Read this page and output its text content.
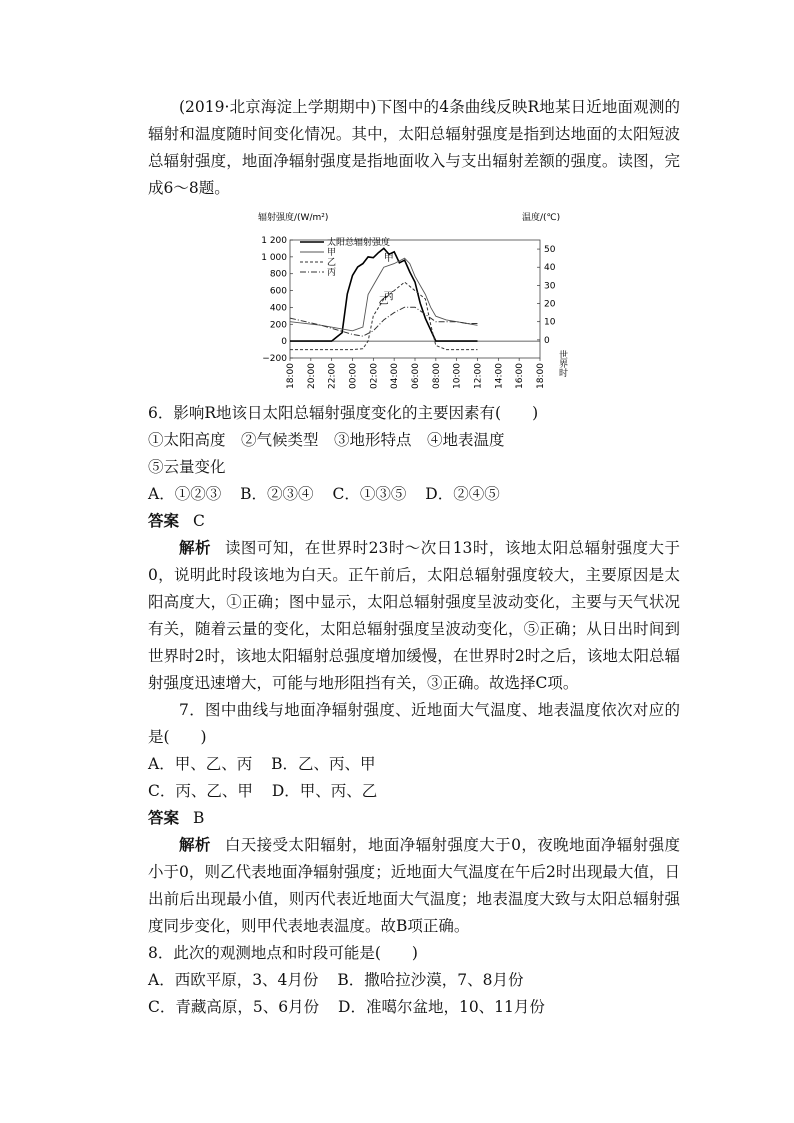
(2019·北京海淀上学期期中)下图中的4条曲线反映R地某日近地面观测的辐射和温度随时间变化情况。其中，太阳总辐射强度是指到达地面的太阳短波总辐射强度，地面净辐射强度是指地面收入与支出辐射差额的强度。读图，完成6～8题。
辐射强度/(W/m²)	温度/(℃)
1 200
1 000
800
600
400
200
0
−200
50
40
30
20
10
0
18:00 20:00 22:00 00:00 02:00 04:00 06:00 08:00 10:00 12:00 14:00 16:00 18:00 世界时
太阳总辐射强度
甲
乙
丙
甲
乙
丙
6．影响R地该日太阳总辐射强度变化的主要因素有(　　)
①太阳高度　②气候类型　③地形特点　④地表温度
⑤云量变化
A．①②③ B．②③④ C．①③⑤ D．②④⑤
答案 C
解析 读图可知，在世界时23时～次日13时，该地太阳总辐射强度大于0，说明此时段该地为白天。正午前后，太阳总辐射强度较大，主要原因是太阳高度大，①正确；图中显示，太阳总辐射强度呈波动变化，主要与天气状况有关，随着云量的变化，太阳总辐射强度呈波动变化，⑤正确；从日出时间到世界时2时，该地太阳辐射总强度增加缓慢，在世界时2时之后，该地太阳总辐射强度迅速增大，可能与地形阻挡有关，③正确。故选择C项。
7．图中曲线与地面净辐射强度、近地面大气温度、地表温度依次对应的是(　　)
A．甲、乙、丙 B．乙、丙、甲
C．丙、乙、甲 D．甲、丙、乙
答案 B
解析 白天接受太阳辐射，地面净辐射强度大于0，夜晚地面净辐射强度小于0，则乙代表地面净辐射强度；近地面大气温度在午后2时出现最大值，日出前后出现最小值，则丙代表近地面大气温度；地表温度大致与太阳总辐射强度同步变化，则甲代表地表温度。故B项正确。
8．此次的观测地点和时段可能是(　　)
A．西欧平原，3、4月份 B．撒哈拉沙漠，7、8月份
C．青藏高原，5、6月份 D．准噶尔盆地，10、11月份
